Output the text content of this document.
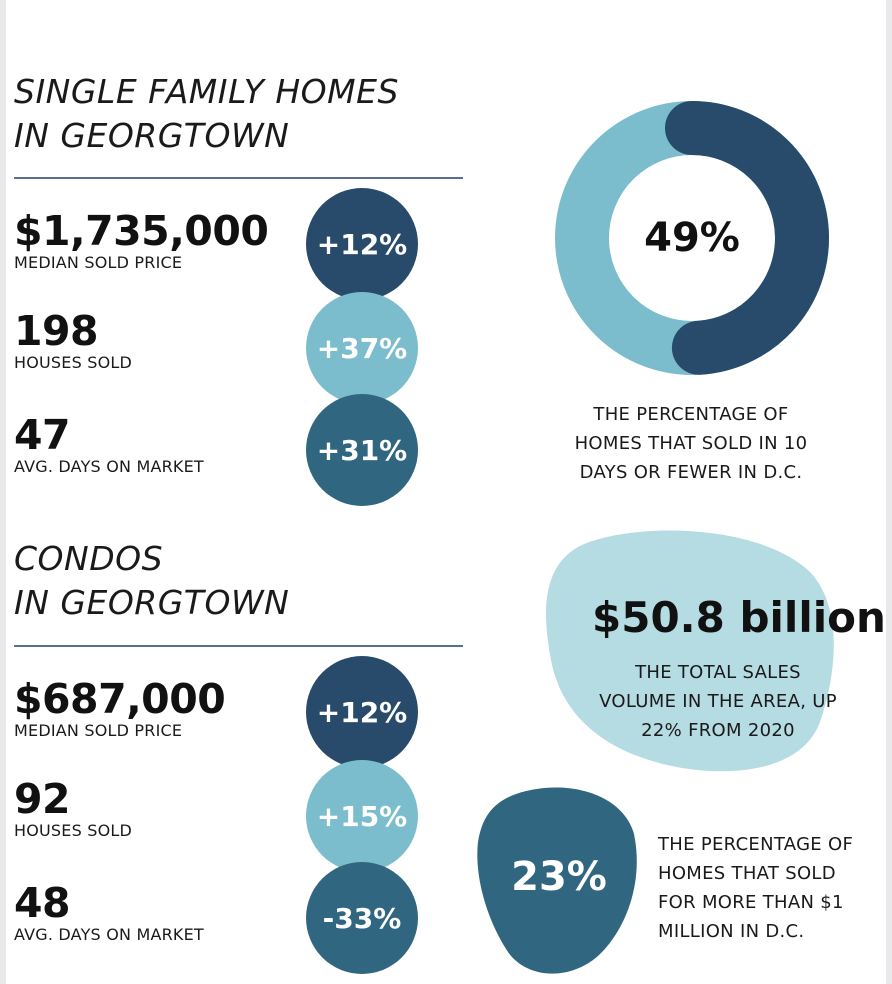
SINGLE FAMILY HOMES
IN GEORGTOWN
$1,735,000
MEDIAN SOLD PRICE
+12%
198
HOUSES SOLD	+37%
47
AVG. DAYS ON MARKET	+31%
CONDOS
IN GEORGTOWN
$687,000
MEDIAN SOLD PRICE
+12%
92
HOUSES SOLD	+15%
48
AVG. DAYS ON MARKET	-33%
49%
THE PERCENTAGE OF
HOMES THAT SOLD IN 10
DAYS OR FEWER IN D.C.
$50.8 billion
THE TOTAL SALES
VOLUME IN THE AREA, UP
22% FROM 2020
23%
THE PERCENTAGE OF
HOMES THAT SOLD
FOR MORE THAN $1
MILLION IN D.C.
